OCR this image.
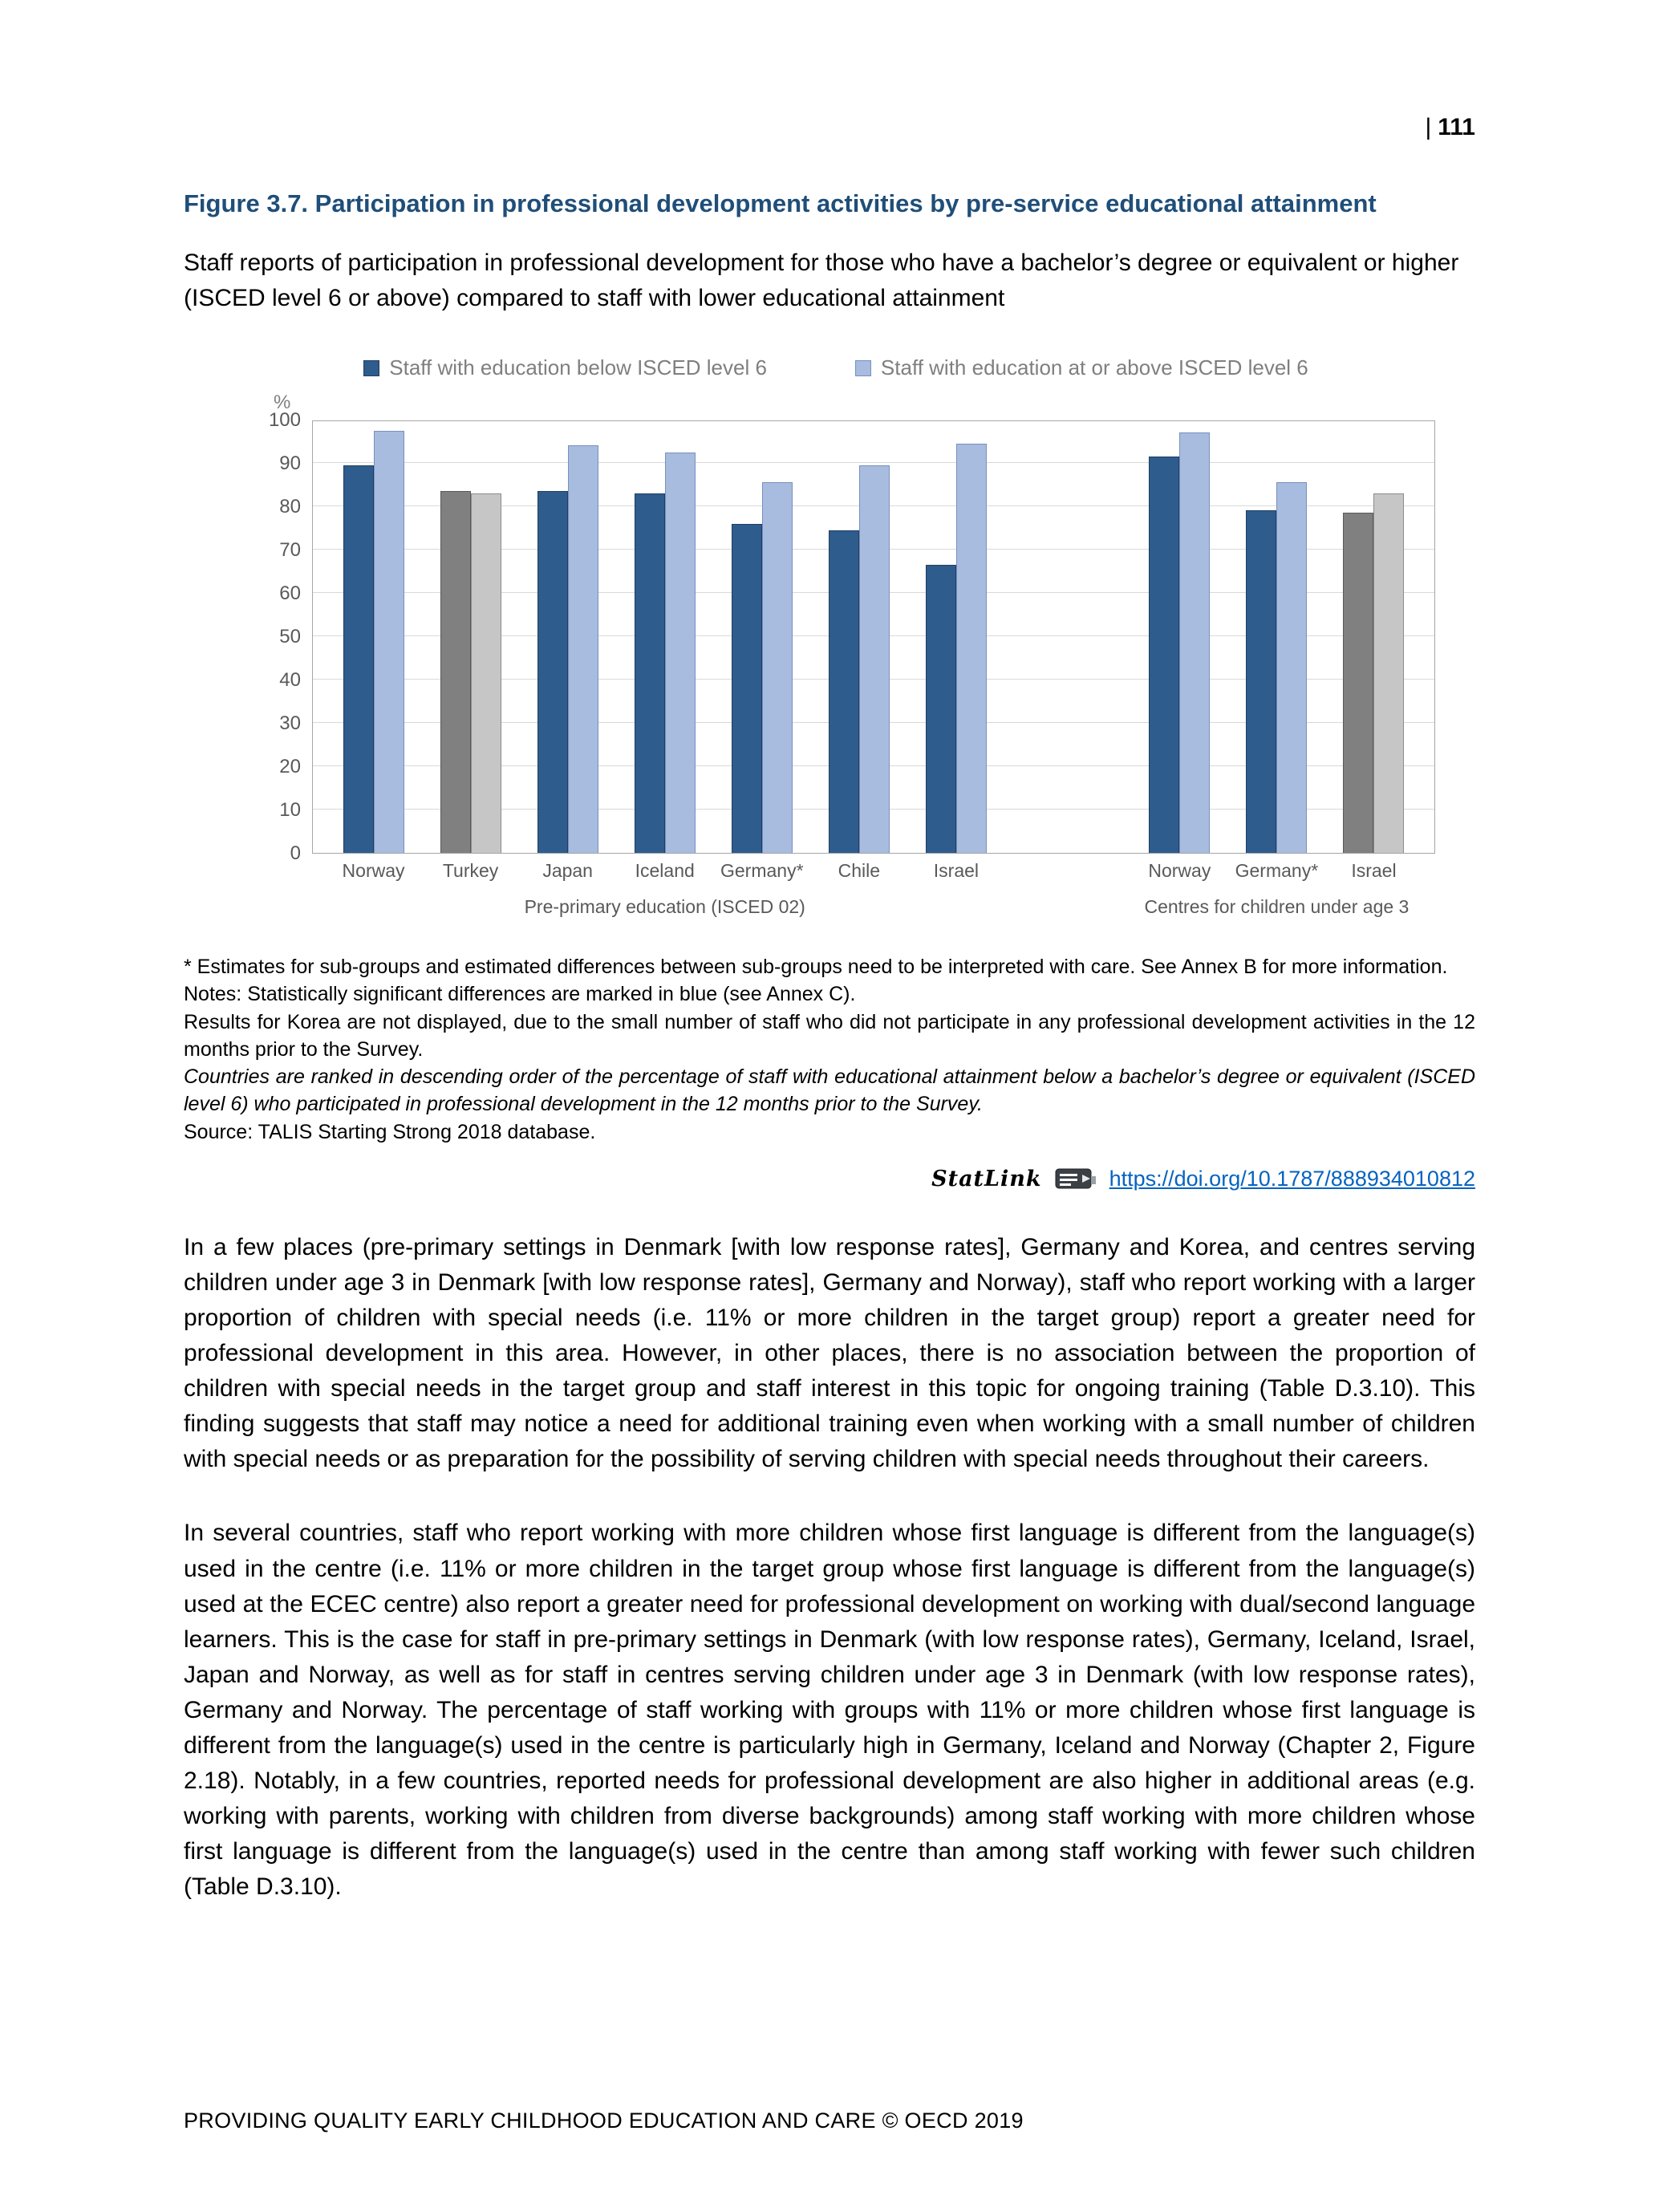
| 111
Figure 3.7. Participation in professional development activities by pre-service educational attainment
Staff reports of participation in professional development for those who have a bachelor’s degree or equivalent or higher (ISCED level 6 or above) compared to staff with lower educational attainment
Staff with education below ISCED level 6	Staff with education at or above ISCED level 6
%
0
10
20
30
40
50
60
70
80
90
100
Norway	Turkey	Japan	Iceland	Germany*	Chile	Israel	Norway	Germany*	Israel
Pre-primary education (ISCED 02)	Centres for children under age 3
* Estimates for sub-groups and estimated differences between sub-groups need to be interpreted with care. See Annex B for more information.
Notes: Statistically significant differences are marked in blue (see Annex C).
Results for Korea are not displayed, due to the small number of staff who did not participate in any professional development activities in the 12 months prior to the Survey.
Countries are ranked in descending order of the percentage of staff with educational attainment below a bachelor’s degree or equivalent (ISCED level 6) who participated in professional development in the 12 months prior to the Survey.
Source: TALIS Starting Strong 2018 database.
StatLink	https://doi.org/10.1787/888934010812
In a few places (pre-primary settings in Denmark [with low response rates], Germany and Korea, and centres serving children under age 3 in Denmark [with low response rates], Germany and Norway), staff who report working with a larger proportion of children with special needs (i.e. 11% or more children in the target group) report a greater need for professional development in this area. However, in other places, there is no association between the proportion of children with special needs in the target group and staff interest in this topic for ongoing training (Table D.3.10). This finding suggests that staff may notice a need for additional training even when working with a small number of children with special needs or as preparation for the possibility of serving children with special needs throughout their careers.
In several countries, staff who report working with more children whose first language is different from the language(s) used in the centre (i.e. 11% or more children in the target group whose first language is different from the language(s) used at the ECEC centre) also report a greater need for professional development on working with dual/second language learners. This is the case for staff in pre-primary settings in Denmark (with low response rates), Germany, Iceland, Israel, Japan and Norway, as well as for staff in centres serving children under age 3 in Denmark (with low response rates), Germany and Norway. The percentage of staff working with groups with 11% or more children whose first language is different from the language(s) used in the centre is particularly high in Germany, Iceland and Norway (Chapter 2, Figure 2.18). Notably, in a few countries, reported needs for professional development are also higher in additional areas (e.g. working with parents, working with children from diverse backgrounds) among staff working with more children whose first language is different from the language(s) used in the centre than among staff working with fewer such children (Table D.3.10).
PROVIDING QUALITY EARLY CHILDHOOD EDUCATION AND CARE © OECD 2019
